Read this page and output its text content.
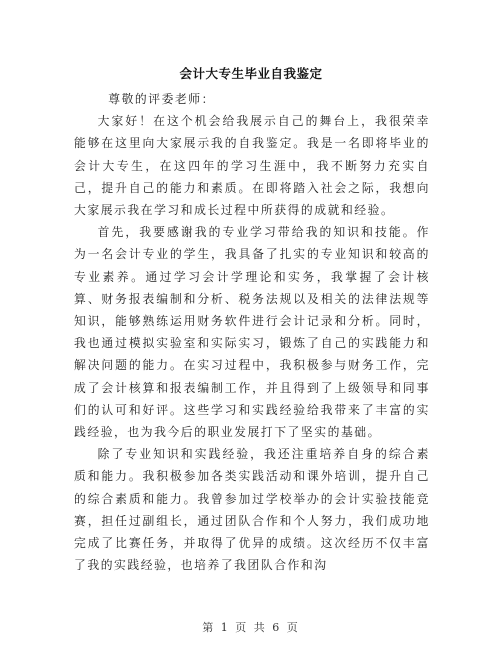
会计大专生毕业自我鉴定

尊敬的评委老师：

大家好！在这个机会给我展示自己的舞台上，我很荣幸能够在这里向大家展示我的自我鉴定。我是一名即将毕业的会计大专生，在这四年的学习生涯中，我不断努力充实自己，提升自己的能力和素质。在即将踏入社会之际，我想向大家展示我在学习和成长过程中所获得的成就和经验。

首先，我要感谢我的专业学习带给我的知识和技能。作为一名会计专业的学生，我具备了扎实的专业知识和较高的专业素养。通过学习会计学理论和实务，我掌握了会计核算、财务报表编制和分析、税务法规以及相关的法律法规等知识，能够熟练运用财务软件进行会计记录和分析。同时，我也通过模拟实验室和实际实习，锻炼了自己的实践能力和解决问题的能力。在实习过程中，我积极参与财务工作，完成了会计核算和报表编制工作，并且得到了上级领导和同事们的认可和好评。这些学习和实践经验给我带来了丰富的实践经验，也为我今后的职业发展打下了坚实的基础。

除了专业知识和实践经验，我还注重培养自身的综合素质和能力。我积极参加各类实践活动和课外培训，提升自己的综合素质和能力。我曾参加过学校举办的会计实验技能竞赛，担任过副组长，通过团队合作和个人努力，我们成功地完成了比赛任务，并取得了优异的成绩。这次经历不仅丰富了我的实践经验，也培养了我团队合作和沟

第 1 页 共 6 页
